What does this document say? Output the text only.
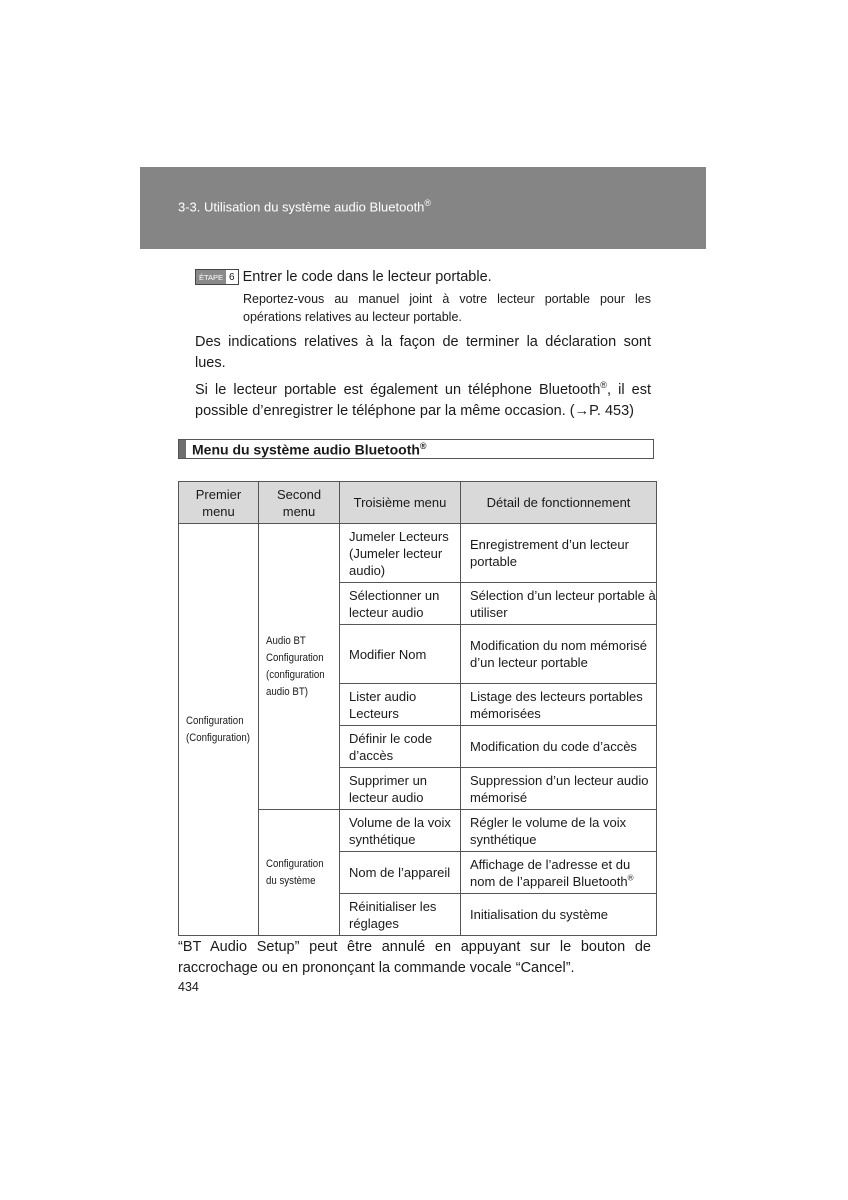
3-3. Utilisation du système audio Bluetooth®
ÉTAPE 6 Entrer le code dans le lecteur portable.
Reportez-vous au manuel joint à votre lecteur portable pour les opérations relatives au lecteur portable.
Des indications relatives à la façon de terminer la déclaration sont lues.
Si le lecteur portable est également un téléphone Bluetooth®, il est possible d’enregistrer le téléphone par la même occasion. (→P. 453)
Menu du système audio Bluetooth®
Premier menu	Second menu	Troisième menu	Détail de fonctionnement
Configuration (Configuration)	Audio BT Configuration (configuration audio BT)	Jumeler Lecteurs (Jumeler lecteur audio)	Enregistrement d’un lecteur portable
		Sélectionner un lecteur audio	Sélection d’un lecteur portable à utiliser
		Modifier Nom	Modification du nom mémorisé d’un lecteur portable
		Lister audio Lecteurs	Listage des lecteurs portables mémorisées
		Définir le code d’accès	Modification du code d’accès
		Supprimer un lecteur audio	Suppression d’un lecteur audio mémorisé
	Configuration du système	Volume de la voix synthétique	Régler le volume de la voix synthétique
		Nom de l’appareil	Affichage de l’adresse et du nom de l’appareil Bluetooth®
		Réinitialiser les réglages	Initialisation du système
“BT Audio Setup” peut être annulé en appuyant sur le bouton de raccrochage ou en prononçant la commande vocale “Cancel”.
434
